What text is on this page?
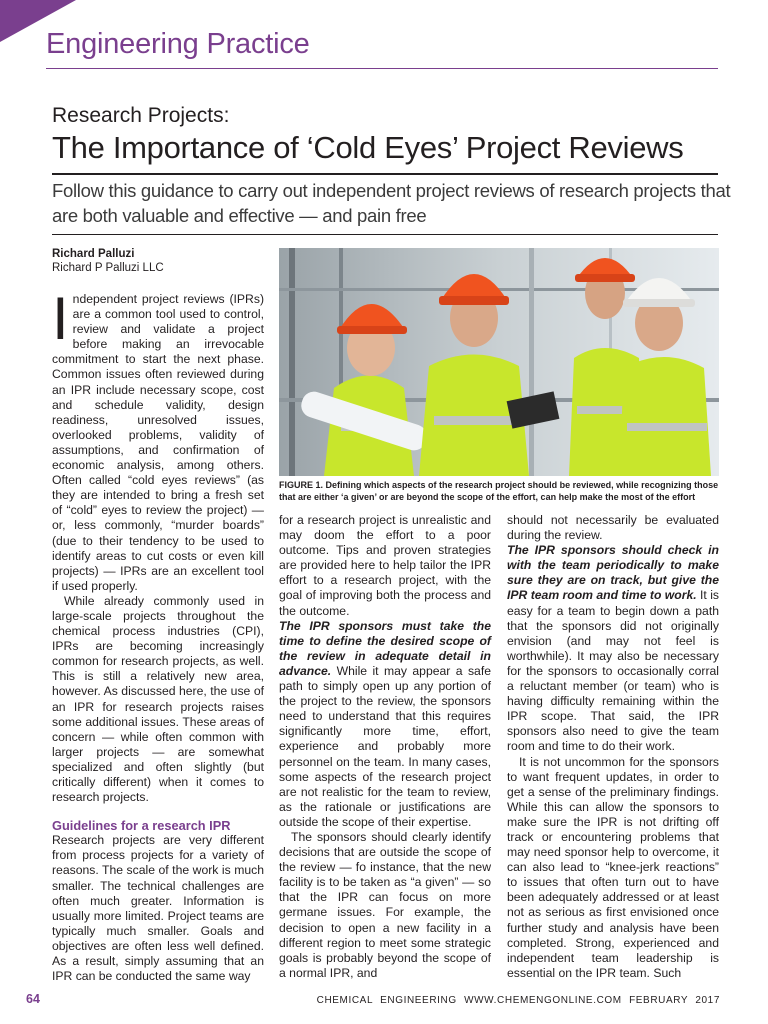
Engineering Practice
Research Projects:
The Importance of ‘Cold Eyes’ Project Reviews
Follow this guidance to carry out independent project reviews of research projects that are both valuable and effective — and pain free
Richard Palluzi
Richard P Palluzi LLC

Independent project reviews (IPRs) are a common tool used to control, review and validate a project before making an irrevocable commitment to start the next phase. Common issues often reviewed during an IPR include necessary scope, cost and schedule validity, design readiness, unresolved issues, overlooked problems, validity of assumptions, and confirmation of economic analysis, among others. Often called “cold eyes reviews” (as they are intended to bring a fresh set of “cold” eyes to review the project) — or, less commonly, “murder boards” (due to their tendency to be used to identify areas to cut costs or even kill projects) — IPRs are an excellent tool if used properly.

While already commonly used in large-scale projects throughout the chemical process industries (CPI), IPRs are becoming increasingly common for research projects, as well. This is still a relatively new area, however. As discussed here, the use of an IPR for research projects raises some additional issues. These areas of concern — while often common with larger projects — are somewhat specialized and often slightly (but critically different) when it comes to research projects.

Guidelines for a research IPR

Research projects are very different from process projects for a variety of reasons. The scale of the work is much smaller. The technical challenges are often much greater. Information is usually more limited. Project teams are typically much smaller. Goals and objectives are often less well defined. As a result, simply assuming that an IPR can be conducted the same way

FIGURE 1. Defining which aspects of the research project should be reviewed, while recognizing those that are either ‘a given’ or are beyond the scope of the effort, can help make the most of the effort

for a research project is unrealistic and may doom the effort to a poor outcome. Tips and proven strategies are provided here to help tailor the IPR effort to a research project, with the goal of improving both the process and the outcome.

The IPR sponsors must take the time to define the desired scope of the review in adequate detail in advance. While it may appear a safe path to simply open up any portion of the project to the review, the sponsors need to understand that this requires significantly more time, effort, experience and probably more personnel on the team. In many cases, some aspects of the research project are not realistic for the team to review, as the rationale or justifications are outside the scope of their expertise.

The sponsors should clearly identify decisions that are outside the scope of the review — fo instance, that the new facility is to be taken as “a given” — so that the IPR can focus on more germane issues. For example, the decision to open a new facility in a different region to meet some strategic goals is probably beyond the scope of a normal IPR, and

should not necessarily be evaluated during the review.

The IPR sponsors should check in with the team periodically to make sure they are on track, but give the IPR team room and time to work. It is easy for a team to begin down a path that the sponsors did not originally envision (and may not feel is worthwhile). It may also be necessary for the sponsors to occasionally corral a reluctant member (or team) who is having difficulty remaining within the IPR scope. That said, the IPR sponsors also need to give the team room and time to do their work.

It is not uncommon for the sponsors to want frequent updates, in order to get a sense of the preliminary findings. While this can allow the sponsors to make sure the IPR is not drifting off track or encountering problems that may need sponsor help to overcome, it can also lead to “knee-jerk reactions” to issues that often turn out to have been adequately addressed or at least not as serious as first envisioned once further study and analysis have been completed. Strong, experienced and independent team leadership is essential on the IPR team. Such

64	CHEMICAL ENGINEERING WWW.CHEMENGONLINE.COM FEBRUARY 2017
